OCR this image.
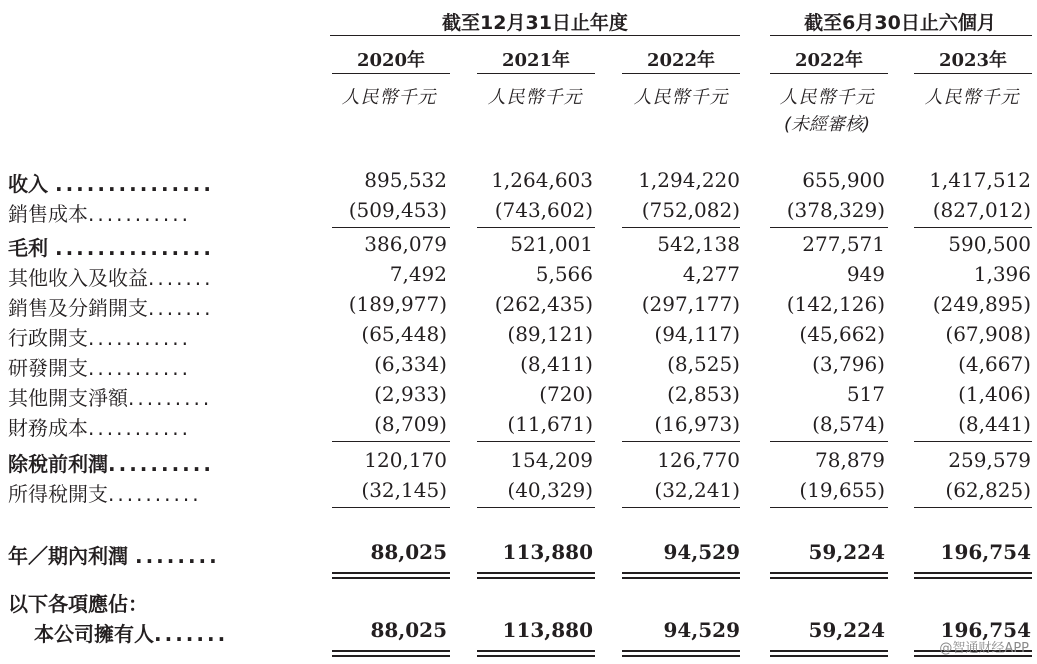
截至12月31日止年度	截至6月30日止六個月
2020年	2021年	2022年	2022年	2023年
人民幣千元	人民幣千元	人民幣千元	人民幣千元	人民幣千元
(未經審核)
收入 ...............	895,532	1,264,603	1,294,220	655,900	1,417,512
銷售成本...........	(509,453)	(743,602)	(752,082)	(378,329)	(827,012)
毛利 ...............	386,079	521,001	542,138	277,571	590,500
其他收入及收益.......	7,492	5,566	4,277	949	1,396
銷售及分銷開支.......	(189,977)	(262,435)	(297,177)	(142,126)	(249,895)
行政開支...........	(65,448)	(89,121)	(94,117)	(45,662)	(67,908)
研發開支...........	(6,334)	(8,411)	(8,525)	(3,796)	(4,667)
其他開支淨額.........	(2,933)	(720)	(2,853)	517	(1,406)
財務成本...........	(8,709)	(11,671)	(16,973)	(8,574)	(8,441)
除稅前利潤..........	120,170	154,209	126,770	78,879	259,579
所得稅開支..........	(32,145)	(40,329)	(32,241)	(19,655)	(62,825)
年／期內利潤 ........	88,025	113,880	94,529	59,224	196,754
以下各項應佔：
本公司擁有人.......	88,025	113,880	94,529	59,224	196,754
@智通财经APP
